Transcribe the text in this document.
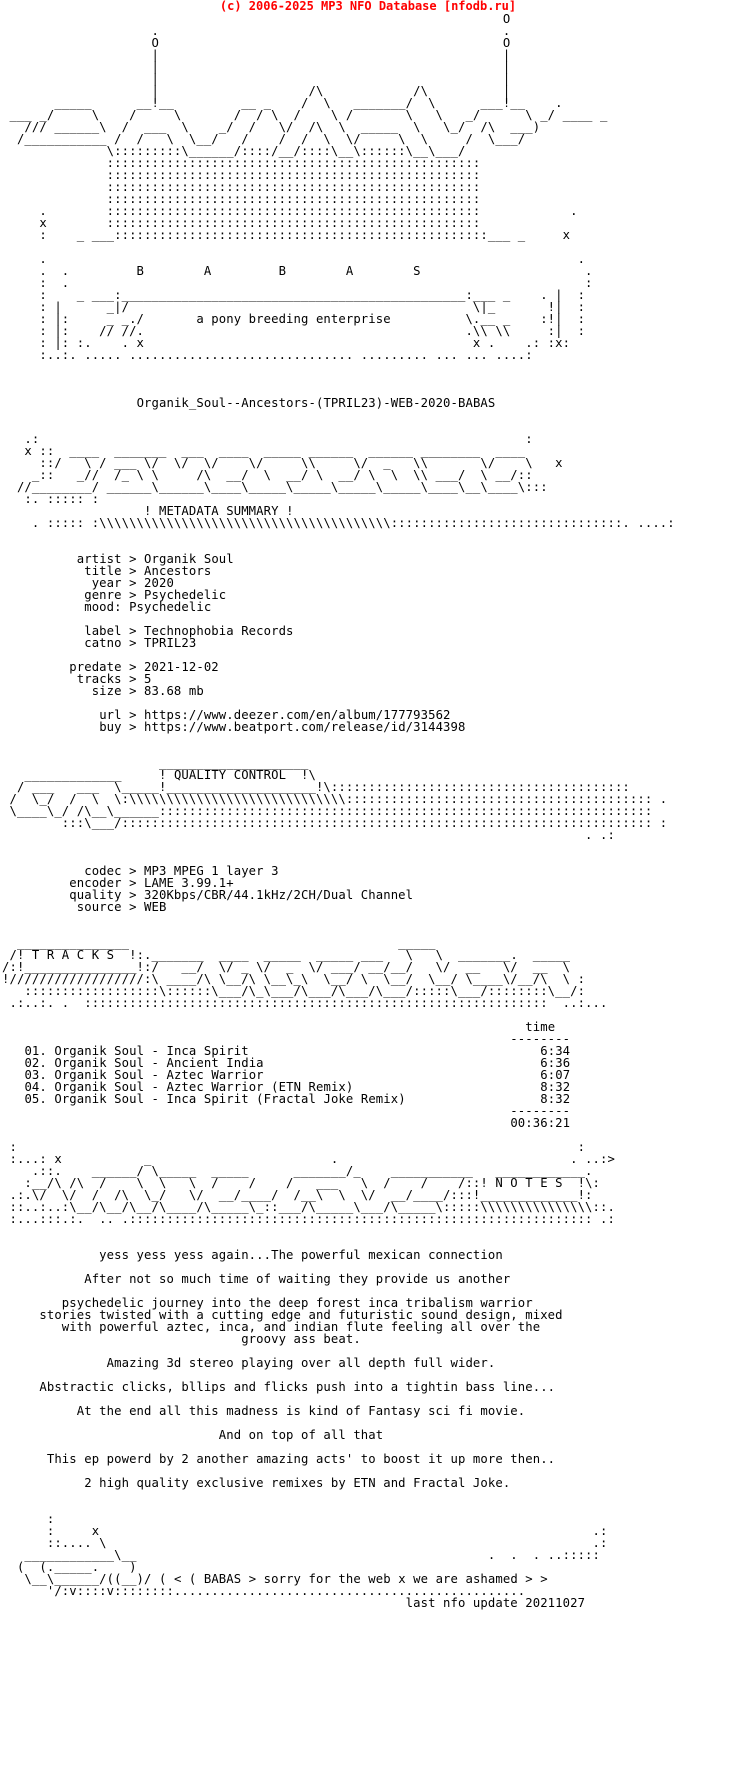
(c) 2006-2025 MP3 NFO Database [nfodb.ru]
O
.                                              .
O                                              O
|                                              |
|                                              |
|                                              |
|                    /\            /\          |
_____      __!__         __ _    /  \   _______/  \      ___!__    .
___ _/     \    /     \       /  / \  /    \ /       \   \   _/      \ _/ ____ _
/// ______\  /  ___  \    _/  /   \/  /\  \  _____  \   \_/  /\  ___)
/___________ /  /   \  \__/   /    /  /  \  \/     \  \     /  \___/
\:::::::::\______/::::/__/::::\__\::::::\__\___/
::::::::::::::::::::::::::::::::::::::::::::::::::
::::::::::::::::::::::::::::::::::::::::::::::::::
::::::::::::::::::::::::::::::::::::::::::::::::::
::::::::::::::::::::::::::::::::::::::::::::::::::
.        ::::::::::::::::::::::::::::::::::::::::::::::::::            .
x        ::::::::::::::::::::::::::::::::::::::::::::::::::
:    _ ___::::::::::::::::::::::::::::::::::::::::::::::::::___ _     x

.                                                                       .
.  .         B        A         B        A        S                      .
:  .                                                                     :
:    _ ___:______________________________________________:___ _    . |  :
: |      _|/                                              \|_       !|  :
: |:     _ _./       a pony breeding enterprise          \.__ _    :!|  :
: |:    // //.                                           .\\ \\     :|  :
: |: :.    . x                                            x .    .: :x:
:..:. ..... .............................. ......... ... ... ....:

Organik_Soul--Ancestors-(TPRIL23)-WEB-2020-BABAS

.:                                                                 :
x ::  ____  _______  ___  ____  _____ ______  ______ ________  ____
::/   \ / ___ \/  \/  \/    \/     \\     \/  _   \\       \/    \   x
_::   _//  /_ \ \     /\  __/  \  __/ \  __/ \  \  \\ ___/  \ __/::
//________/ ______\______\____\_____\_____\_____\_____\____\__\____\:::
:. ::::: :
! METADATA SUMMARY !

. ::::: :\\\\\\\\\\\\\\\\\\\\\\\\\\\\\\\\\\\\\\\:::::::::::::::::::::::::::::::. ....:

artist > Organik Soul
title > Ancestors
year > 2020
genre > Psychedelic
mood: Psychedelic

label > Technophobia Records
catno > TPRIL23

predate > 2021-12-02
tracks > 5
size > 83.68 mb

url > https://www.deezer.com/en/album/177793562
buy > https://www.beatport.com/release/id/3144398

____________________
_____________     ! QUALITY CONTROL  !\
/ ___   ___  \_____!____________________!\::::::::::::::::::::::::::::::::::::::::
/  \_/  /  \  \:\\\\\\\\\\\\\\\\\\\\\\\\\\\\\::::::::::::::::::::::::::::::::::::::::: .
\____\_/ /\__\______::::::::::::::::::::::::::::::::::::::::::::::::::::::::::::::::::
:::\___/::::::::::::::::::::::::::::::::::::::::::::::::::::::::::::::::::::::: :
. .:

codec > MP3 MPEG 1 layer 3
encoder > LAME 3.99.1+
quality > 320Kbps/CBR/44.1kHz/2CH/Dual Channel
source > WEB

_______________                                    _____
/! T R A C K S  !:._______  ____  _____  _____ ___   \   \  _______.  _____
/:!_______________!:/   __/  \/ _ \/  _  \/ ___/ __/__/   \/  __   \/  __  \
!//////////////////:\ ____/\ \__/\ \__\_\  \__/ \  \__/  \__/ \____\/__/\  \ :
::::::::::::::::::\::::::\___/\_\___/\___/\___/\___/:::::\___/::::::::\__/:
.:..:. .  ::::::::::::::::::::::::::::::::::::::::::::::::::::::::::::::  ..:...

time
--------

01. Organik Soul - Inca Spirit	6:34
02. Organik Soul - Ancient India	6:36
03. Organik Soul - Aztec Warrior	6:07
04. Organik Soul - Aztec Warrior (ETN Remix)	8:32
05. Organik Soul - Inca Spirit (Fractal Joke Remix)	8:32
--------
00:36:21

:                                                                           :
:...: x           _                        .                               . ..:>
.::.    ______/ \_____  _____      _______/_    ___________   ____________.
:__/\ /\  /    \  \   \  /    /    /   ___   \  /    /    /::! N O T E S  !\:
.:.\/  \/  /  /\  \_/   \/  __/____/  /__\  \  \/  __/____/:::!_____________!:
::..:..:\__/\__/\__/\____/\_____\_::___/\_____\___/\_____\:::::\\\\\\\\\\\\\\\::.
:...:::.:.  .. .:::::::::::::::::::::::::::::::::::::::::::::::::::::::::::::: .:

yess yess yess again...The powerful mexican connection

After not so much time of waiting they provide us another

psychedelic journey into the deep forest inca tribalism warrior
stories twisted with a cutting edge and futuristic sound design, mixed
with powerful aztec, inca, and indian flute feeling all over the
groovy ass beat.

Amazing 3d stereo playing over all depth full wider.

Abstractic clicks, bllips and flicks push into a tightin bass line...

At the end all this madness is kind of Fantasy sci fi movie.

And on top of all that

This ep powerd by 2 another amazing acts' to boost it up more then..

2 high quality exclusive remixes by ETN and Fractal Joke.

:
:     x                                                                  .:
::.... \                                                                 .:
____________\__                                               .  .  . ..:::::
(  (._____.    )
\__\______/((__)/ ( < ( BABAS > sorry for the web x we are ashamed > >
'/:v::::v::::::::...............................................
last nfo update 20211027
